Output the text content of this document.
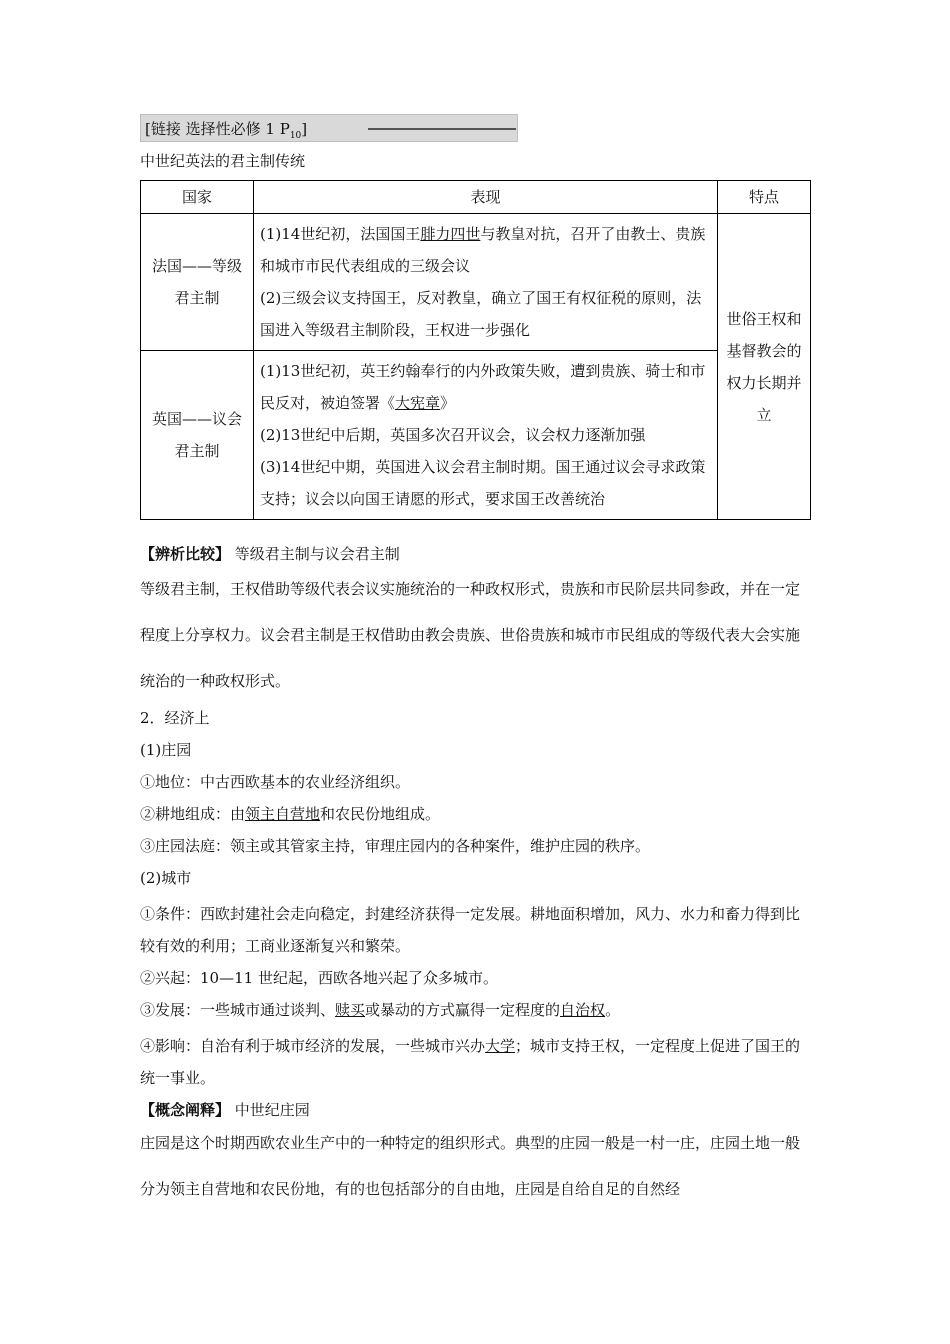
[链接 选择性必修 1 $P_{10}$]
中世纪英法的君主制传统
国家	表现	特点
法国——等级君主制	(1)14世纪初，法国国王腓力四世与教皇对抗，召开了由教士、贵族和城市市民代表组成的三级会议
(2)三级会议支持国王，反对教皇，确立了国王有权征税的原则，法国进入等级君主制阶段，王权进一步强化	世俗王权和基督教会的权力长期并立
英国——议会君主制	(1)13世纪初，英王约翰奉行的内外政策失败，遭到贵族、骑士和市民反对，被迫签署《大宪章》
(2)13世纪中后期，英国多次召开议会，议会权力逐渐加强
(3)14世纪中期，英国进入议会君主制时期。国王通过议会寻求政策支持；议会以向国王请愿的形式，要求国王改善统治	
【辨析比较】 等级君主制与议会君主制
等级君主制，王权借助等级代表会议实施统治的一种政权形式，贵族和市民阶层共同参政，并在一定程度上分享权力。议会君主制是王权借助由教会贵族、世俗贵族和城市市民组成的等级代表大会实施统治的一种政权形式。
2．经济上
(1)庄园
①地位：中古西欧基本的农业经济组织。
②耕地组成：由领主自营地和农民份地组成。
③庄园法庭：领主或其管家主持，审理庄园内的各种案件，维护庄园的秩序。
(2)城市
①条件：西欧封建社会走向稳定，封建经济获得一定发展。耕地面积增加，风力、水力和畜力得到比较有效的利用；工商业逐渐复兴和繁荣。
②兴起：10—11 世纪起，西欧各地兴起了众多城市。
③发展：一些城市通过谈判、赎买或暴动的方式赢得一定程度的自治权。
④影响：自治有利于城市经济的发展，一些城市兴办大学；城市支持王权，一定程度上促进了国王的统一事业。
【概念阐释】 中世纪庄园
庄园是这个时期西欧农业生产中的一种特定的组织形式。典型的庄园一般是一村一庄，庄园土地一般分为领主自营地和农民份地，有的也包括部分的自由地，庄园是自给自足的自然经
